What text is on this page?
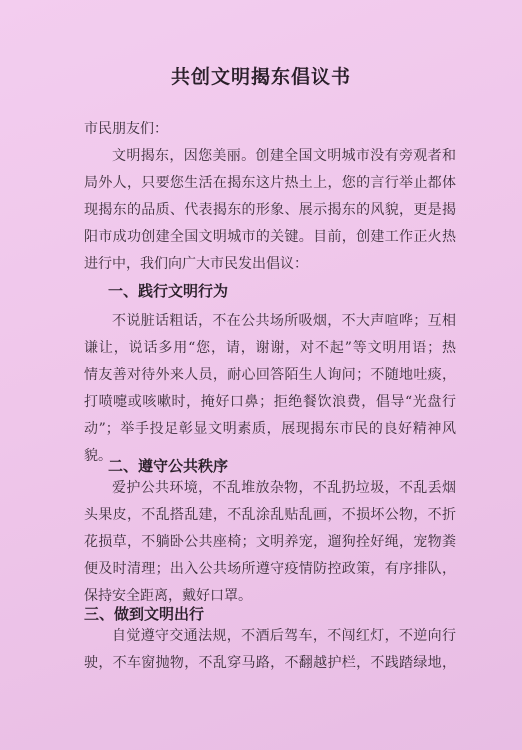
共创文明揭东倡议书
市民朋友们：
文明揭东，因您美丽。创建全国文明城市没有旁观者和
局外人，只要您生活在揭东这片热土上，您的言行举止都体
现揭东的品质、代表揭东的形象、展示揭东的风貌，更是揭
阳市成功创建全国文明城市的关键。目前，创建工作正火热
进行中，我们向广大市民发出倡议：
一、践行文明行为
不说脏话粗话，不在公共场所吸烟，不大声喧哗；互相
谦让，说话多用“您，请，谢谢，对不起”等文明用语；热
情友善对待外来人员，耐心回答陌生人询问；不随地吐痰，
打喷嚏或咳嗽时，掩好口鼻；拒绝餐饮浪费，倡导“光盘行
动”；举手投足彰显文明素质，展现揭东市民的良好精神风
貌。
二、遵守公共秩序
爱护公共环境，不乱堆放杂物，不乱扔垃圾，不乱丢烟
头果皮，不乱搭乱建，不乱涂乱贴乱画，不损坏公物，不折
花损草，不躺卧公共座椅；文明养宠，遛狗拴好绳，宠物粪
便及时清理；出入公共场所遵守疫情防控政策，有序排队，
保持安全距离，戴好口罩。
三、做到文明出行
自觉遵守交通法规，不酒后驾车，不闯红灯，不逆向行
驶，不车窗抛物，不乱穿马路，不翻越护栏，不践踏绿地，
